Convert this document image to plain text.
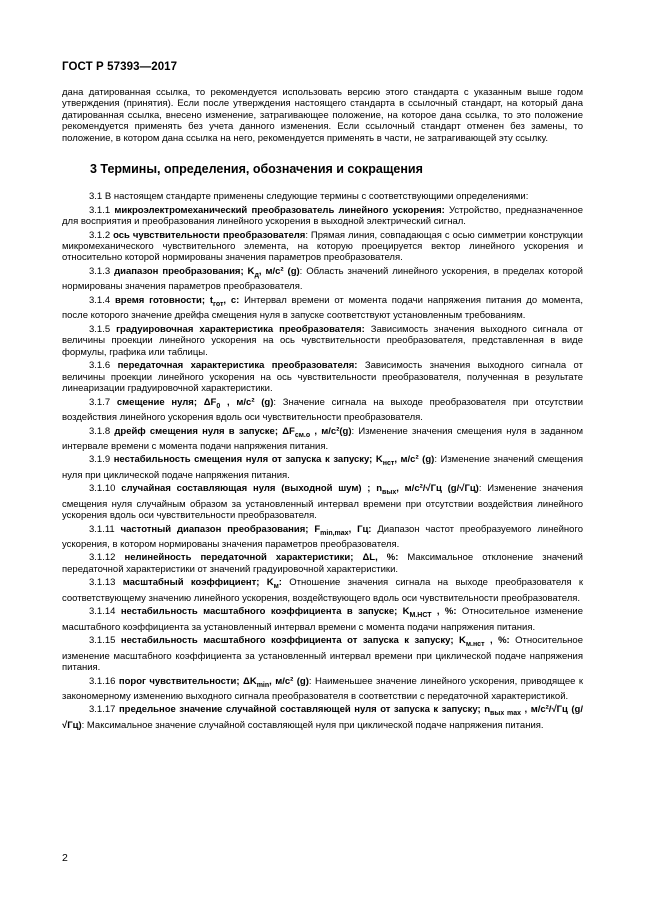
ГОСТ Р 57393—2017

дана датированная ссылка, то рекомендуется использовать версию этого стандарта с указанным выше годом утверждения (принятия). Если после утверждения настоящего стандарта в ссылочный стандарт, на который дана датированная ссылка, внесено изменение, затрагивающее положение, на которое дана ссылка, то это положение рекомендуется применять без учета данного изменения. Если ссылочный стандарт отменен без замены, то положение, в котором дана ссылка на него, рекомендуется применять в части, не затрагивающей эту ссылку.

3 Термины, определения, обозначения и сокращения

3.1 В настоящем стандарте применены следующие термины с соответствующими определениями:

3.1.1 микроэлектромеханический преобразователь линейного ускорения: Устройство, предназначенное для восприятия и преобразования линейного ускорения в выходной электрический сигнал.

3.1.2 ось чувствительности преобразователя: Прямая линия, совпадающая с осью симметрии конструкции микромеханического чувствительного элемента, на которую проецируется вектор линейного ускорения и относительно которой нормированы значения параметров преобразователя.

3.1.3 диапазон преобразования; $K_д$, м/с² (g): Область значений линейного ускорения, в пределах которой нормированы значения параметров преобразователя.

3.1.4 время готовности; $t_{гот}$, с: Интервал времени от момента подачи напряжения питания до момента, после которого значение дрейфа смещения нуля в запуске соответствуют установленным требованиям.

3.1.5 градуировочная характеристика преобразователя: Зависимость значения выходного сигнала от величины проекции линейного ускорения на ось чувствительности преобразователя, представленная в виде формулы, графика или таблицы.

3.1.6 передаточная характеристика преобразователя: Зависимость значения выходного сигнала от величины проекции линейного ускорения на ось чувствительности преобразователя, полученная в результате линеаризации градуировочной характеристики.

3.1.7 смещение нуля; $\Delta F_0$ , м/с² (g): Значение сигнала на выходе преобразователя при отсутствии воздействия линейного ускорения вдоль оси чувствительности преобразователя.

3.1.8 дрейф смещения нуля в запуске; $\Delta F_{см.о}$ , м/с²(g): Изменение значения смещения нуля в заданном интервале времени с момента подачи напряжения питания.

3.1.9 нестабильность смещения нуля от запуска к запуску; $K_{нст}$, м/с² (g): Изменение значений смещения нуля при циклической подаче напряжения питания.

3.1.10 случайная составляющая нуля (выходной шум) ; $n_{вых}$, м/с²/√Гц (g/√Гц): Изменение значения смещения нуля случайным образом за установленный интервал времени при отсутствии воздействия линейного ускорения вдоль оси чувствительности преобразователя.

3.1.11 частотный диапазон преобразования; $F_{min,max}$, Гц: Диапазон частот преобразуемого линейного ускорения, в котором нормированы значения параметров преобразователя.

3.1.12 нелинейность передаточной характеристики; ΔL, %: Максимальное отклонение значений передаточной характеристики от значений градуировочной характеристики.

3.1.13 масштабный коэффициент; $K_м$: Отношение значения сигнала на выходе преобразователя к соответствующему значению линейного ускорения, воздействующего вдоль оси чувствительности преобразователя.

3.1.14 нестабильность масштабного коэффициента в запуске; $K_{М.НСТ}$ , %: Относительное изменение масштабного коэффициента за установленный интервал времени с момента подачи напряжения питания.

3.1.15 нестабильность масштабного коэффициента от запуска к запуску; $K_{м.нст}$ , %: Относительное изменение масштабного коэффициента за установленный интервал времени при циклической подаче напряжения питания.

3.1.16 порог чувствительности; $\Delta K_{min}$, м/с² (g): Наименьшее значение линейного ускорения, приводящее к закономерному изменению выходного сигнала преобразователя в соответствии с передаточной характеристикой.

3.1.17 предельное значение случайной составляющей нуля от запуска к запуску; $n_{вых max}$ , м/с²/√Гц (g/√Гц): Максимальное значение случайной составляющей нуля при циклической подаче напряжения питания.

2
